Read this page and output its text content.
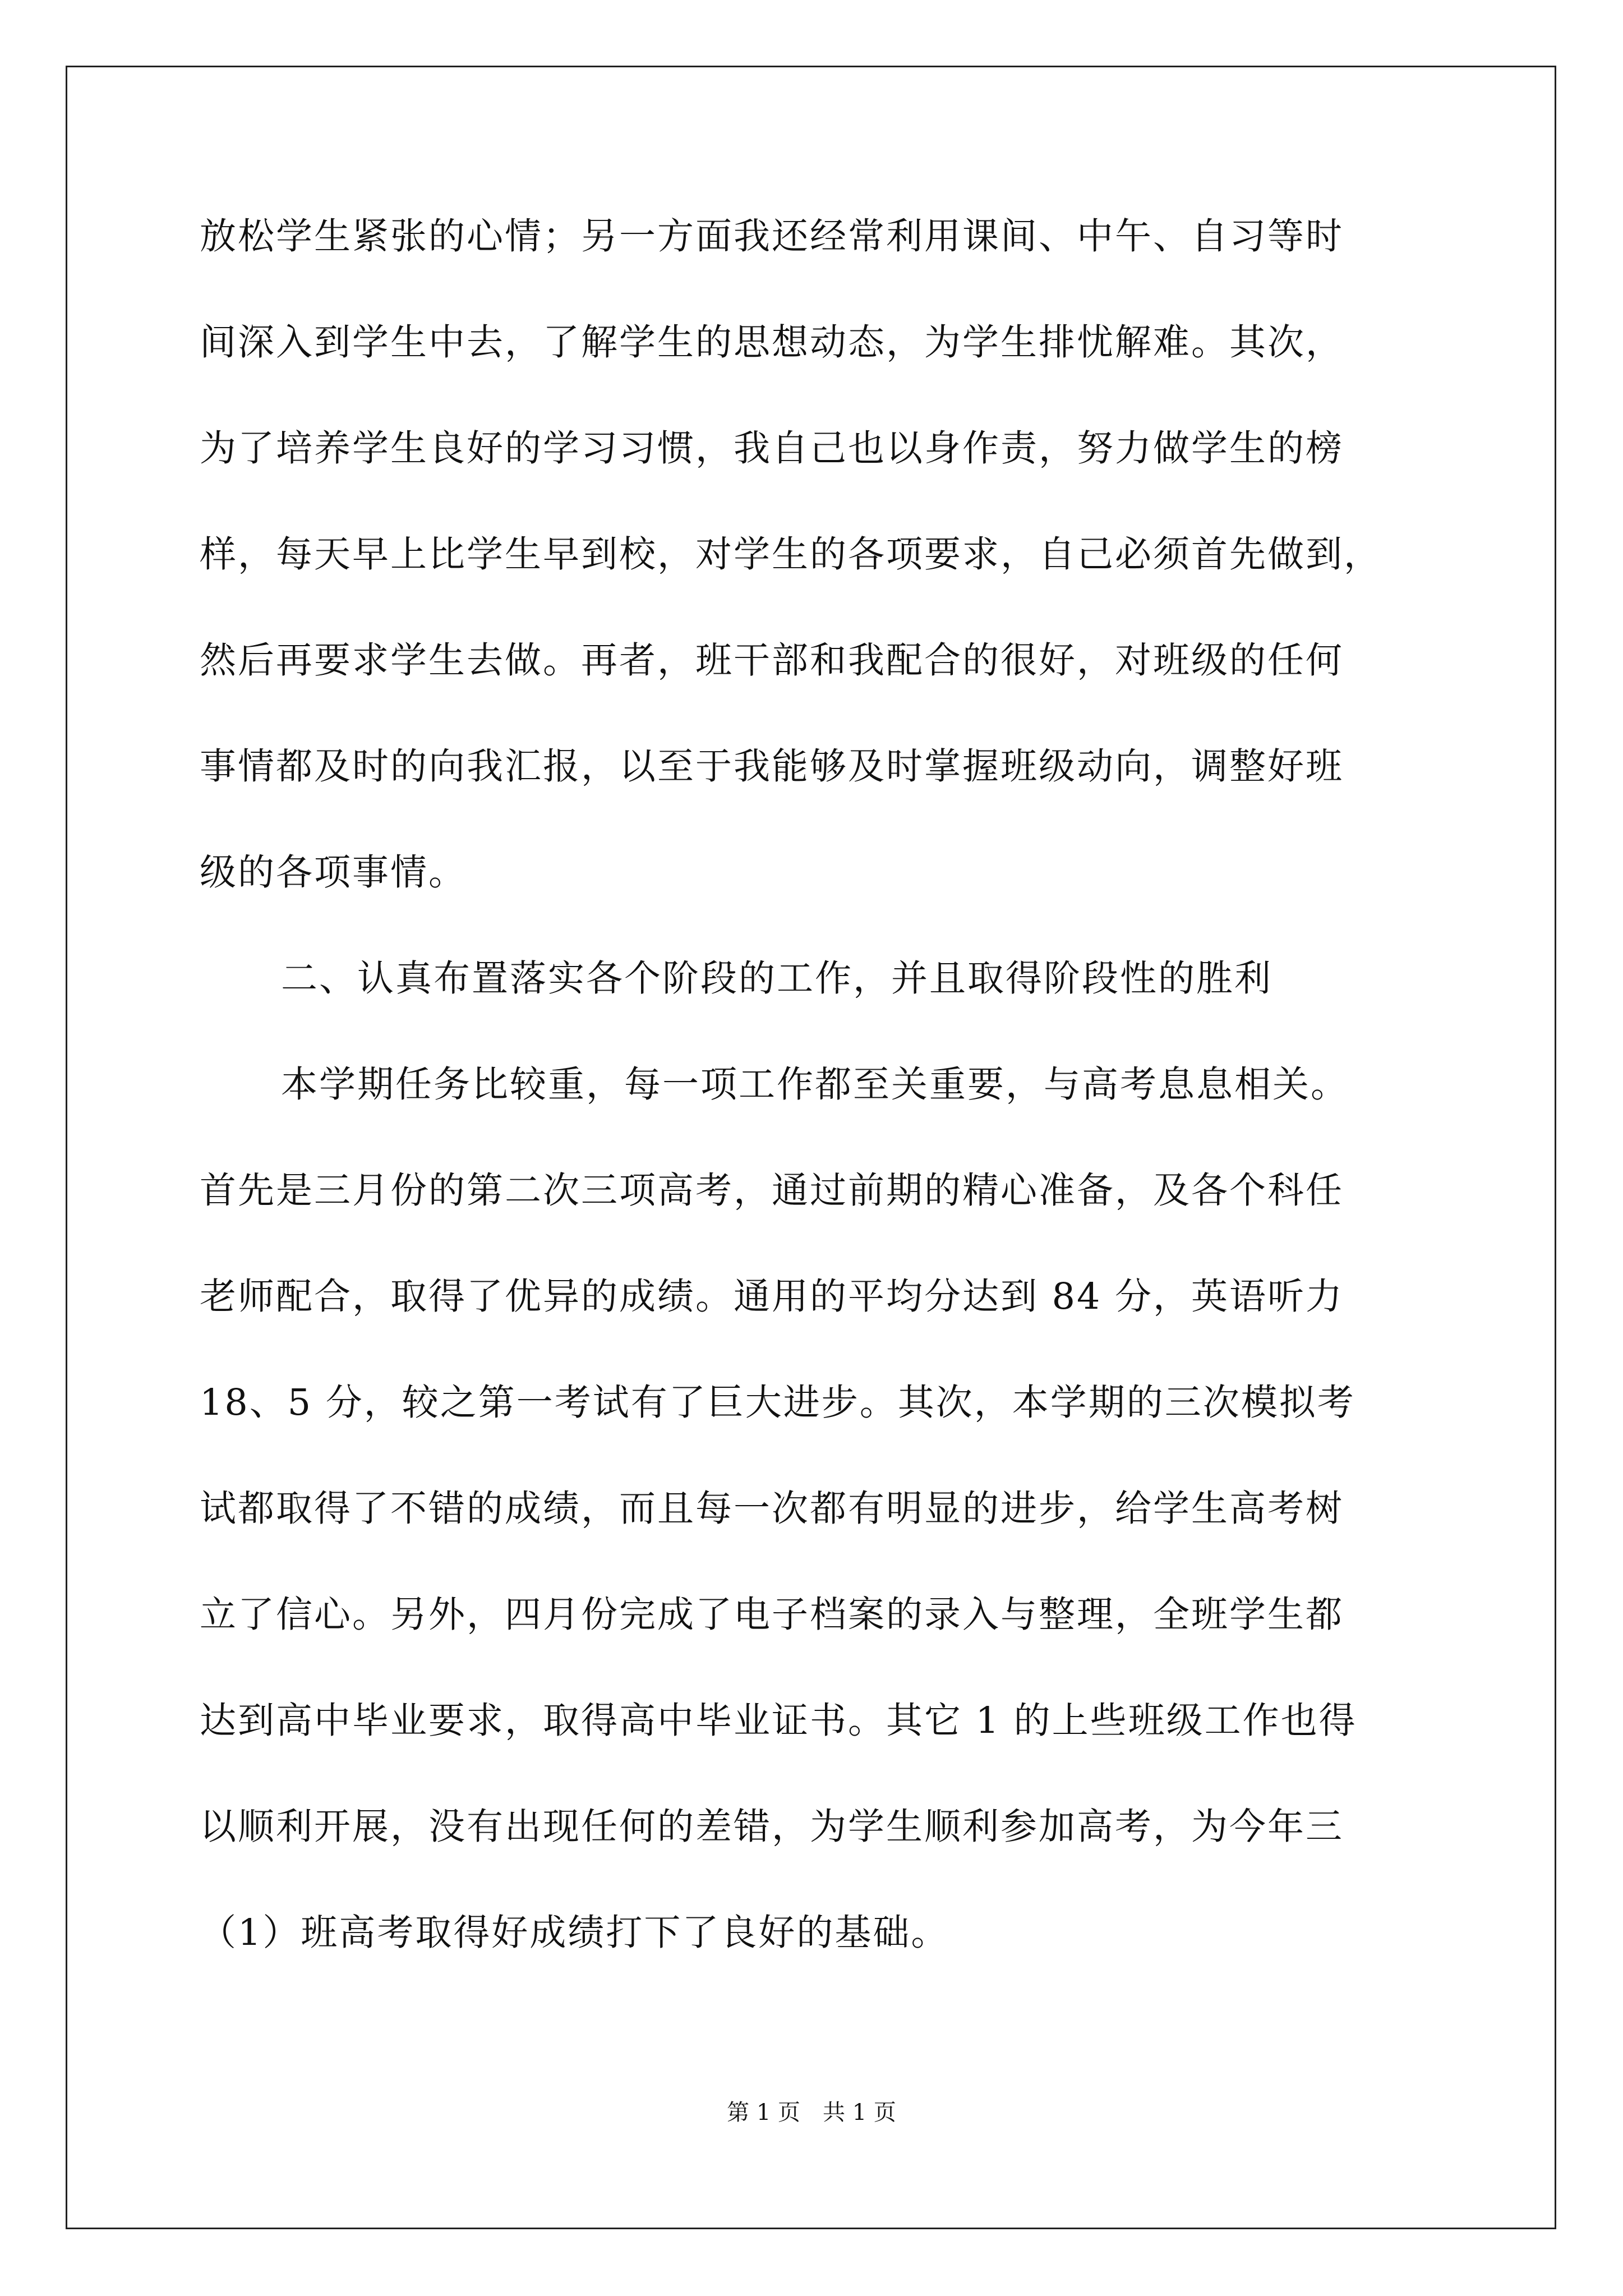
放松学生紧张的心情；另一方面我还经常利用课间、中午、自习等时
间深入到学生中去，了解学生的思想动态，为学生排忧解难。其次，
为了培养学生良好的学习习惯，我自己也以身作责，努力做学生的榜
样，每天早上比学生早到校，对学生的各项要求，自己必须首先做到，
然后再要求学生去做。再者，班干部和我配合的很好，对班级的任何
事情都及时的向我汇报，以至于我能够及时掌握班级动向，调整好班
级的各项事情。
二、认真布置落实各个阶段的工作，并且取得阶段性的胜利
本学期任务比较重，每一项工作都至关重要，与高考息息相关。
首先是三月份的第二次三项高考，通过前期的精心准备，及各个科任
老师配合，取得了优异的成绩。通用的平均分达到 84 分，英语听力
18、5 分，较之第一考试有了巨大进步。其次，本学期的三次模拟考
试都取得了不错的成绩，而且每一次都有明显的进步，给学生高考树
立了信心。另外，四月份完成了电子档案的录入与整理，全班学生都
达到高中毕业要求，取得高中毕业证书。其它 1 的上些班级工作也得
以顺利开展，没有出现任何的差错，为学生顺利参加高考，为今年三
（1）班高考取得好成绩打下了良好的基础。
第 1 页　共 1 页
